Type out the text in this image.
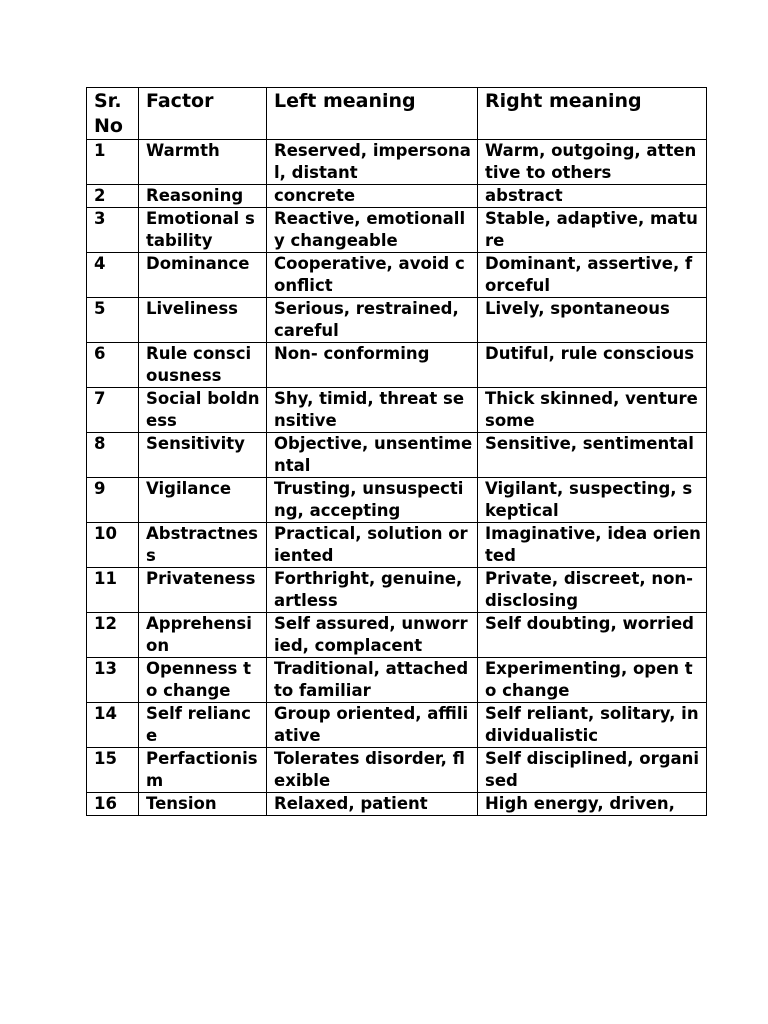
Sr. No	Factor	Left meaning	Right meaning
1	Warmth	Reserved, impersonal, distant	Warm, outgoing, attentive to others
2	Reasoning	concrete	abstract
3	Emotional stability	Reactive, emotionally changeable	Stable, adaptive, mature
4	Dominance	Cooperative, avoid conflict	Dominant, assertive, forceful
5	Liveliness	Serious, restrained, careful	Lively, spontaneous
6	Rule consciousness	Non- conforming	Dutiful, rule conscious
7	Social boldness	Shy, timid, threat sensitive	Thick skinned, venturesome
8	Sensitivity	Objective, unsentimental	Sensitive, sentimental
9	Vigilance	Trusting, unsuspecting, accepting	Vigilant, suspecting, skeptical
10	Abstractness	Practical, solution oriented	Imaginative, idea oriented
11	Privateness	Forthright, genuine, artless	Private, discreet, non-disclosing
12	Apprehension	Self assured, unworried, complacent	Self doubting, worried
13	Openness to change	Traditional, attached to familiar	Experimenting, open to change
14	Self reliance	Group oriented, affiliative	Self reliant, solitary, individualistic
15	Perfactionism	Tolerates disorder, flexible	Self disciplined, organised
16	Tension	Relaxed, patient	High energy, driven,
